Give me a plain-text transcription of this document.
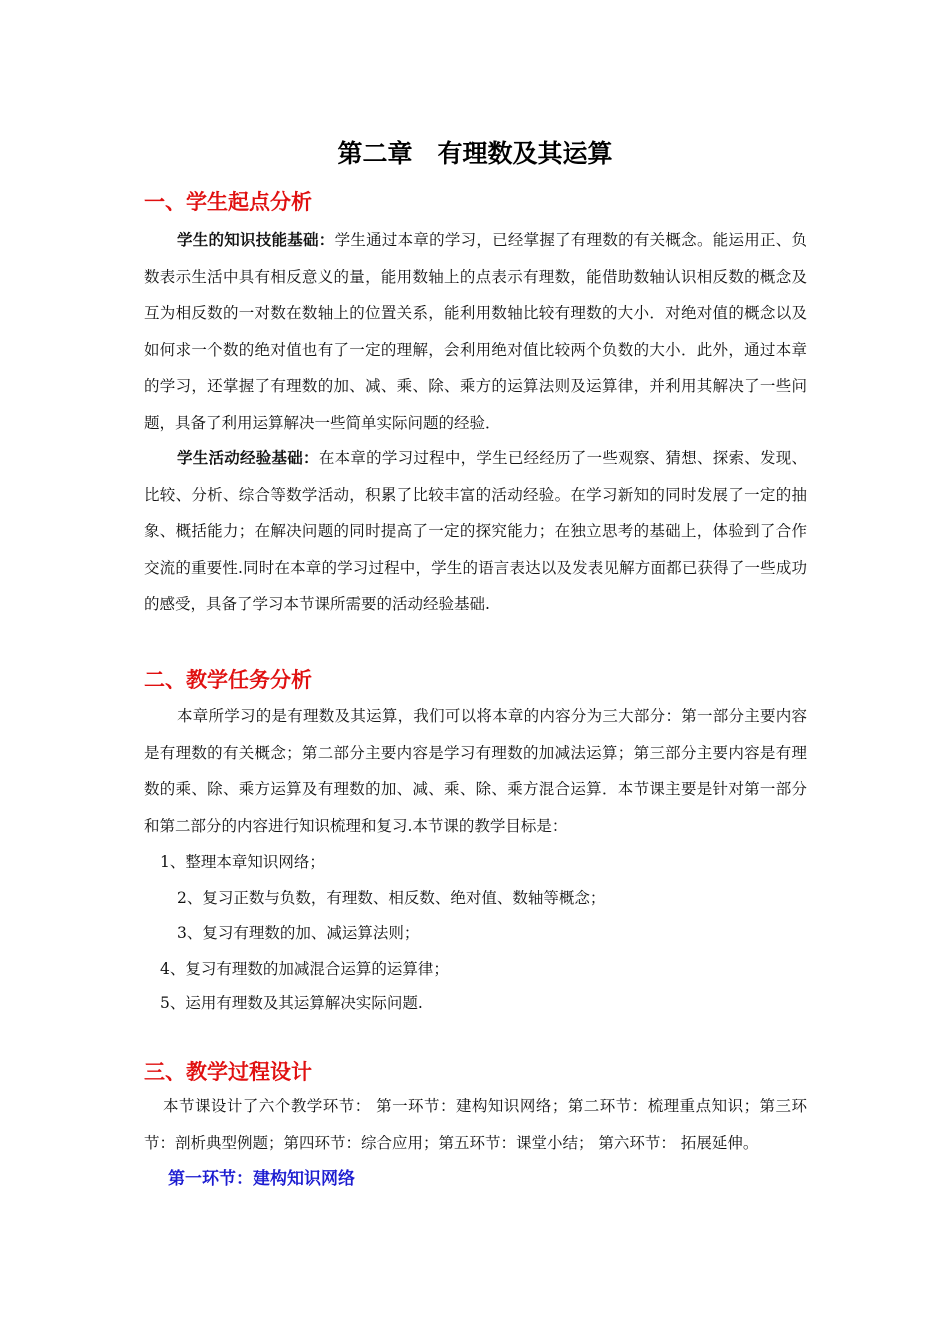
第二章　有理数及其运算
一、学生起点分析

学生的知识技能基础：学生通过本章的学习，已经掌握了有理数的有关概念。能运用正、负数表示生活中具有相反意义的量，能用数轴上的点表示有理数，能借助数轴认识相反数的概念及互为相反数的一对数在数轴上的位置关系，能利用数轴比较有理数的大小．对绝对值的概念以及如何求一个数的绝对值也有了一定的理解，会利用绝对值比较两个负数的大小．此外，通过本章的学习，还掌握了有理数的加、减、乘、除、乘方的运算法则及运算律，并利用其解决了一些问题，具备了利用运算解决一些简单实际问题的经验．

学生活动经验基础：在本章的学习过程中，学生已经经历了一些观察、猜想、探索、发现、比较、分析、综合等数学活动，积累了比较丰富的活动经验。在学习新知的同时发展了一定的抽象、概括能力；在解决问题的同时提高了一定的探究能力；在独立思考的基础上，体验到了合作交流的重要性.同时在本章的学习过程中，学生的语言表达以及发表见解方面都已获得了一些成功的感受，具备了学习本节课所需要的活动经验基础.

二、教学任务分析

本章所学习的是有理数及其运算，我们可以将本章的内容分为三大部分：第一部分主要内容是有理数的有关概念；第二部分主要内容是学习有理数的加减法运算；第三部分主要内容是有理数的乘、除、乘方运算及有理数的加、减、乘、除、乘方混合运算．本节课主要是针对第一部分和第二部分的内容进行知识梳理和复习.本节课的教学目标是：

1、整理本章知识网络；
2、复习正数与负数，有理数、相反数、绝对值、数轴等概念；
3、复习有理数的加、减运算法则；
4、复习有理数的加减混合运算的运算律；
5、运用有理数及其运算解决实际问题.
三、教学过程设计

本节课设计了六个教学环节： 第一环节：建构知识网络；第二环节：梳理重点知识；第三环节：剖析典型例题；第四环节：综合应用；第五环节：课堂小结； 第六环节： 拓展延伸。

第一环节：建构知识网络
